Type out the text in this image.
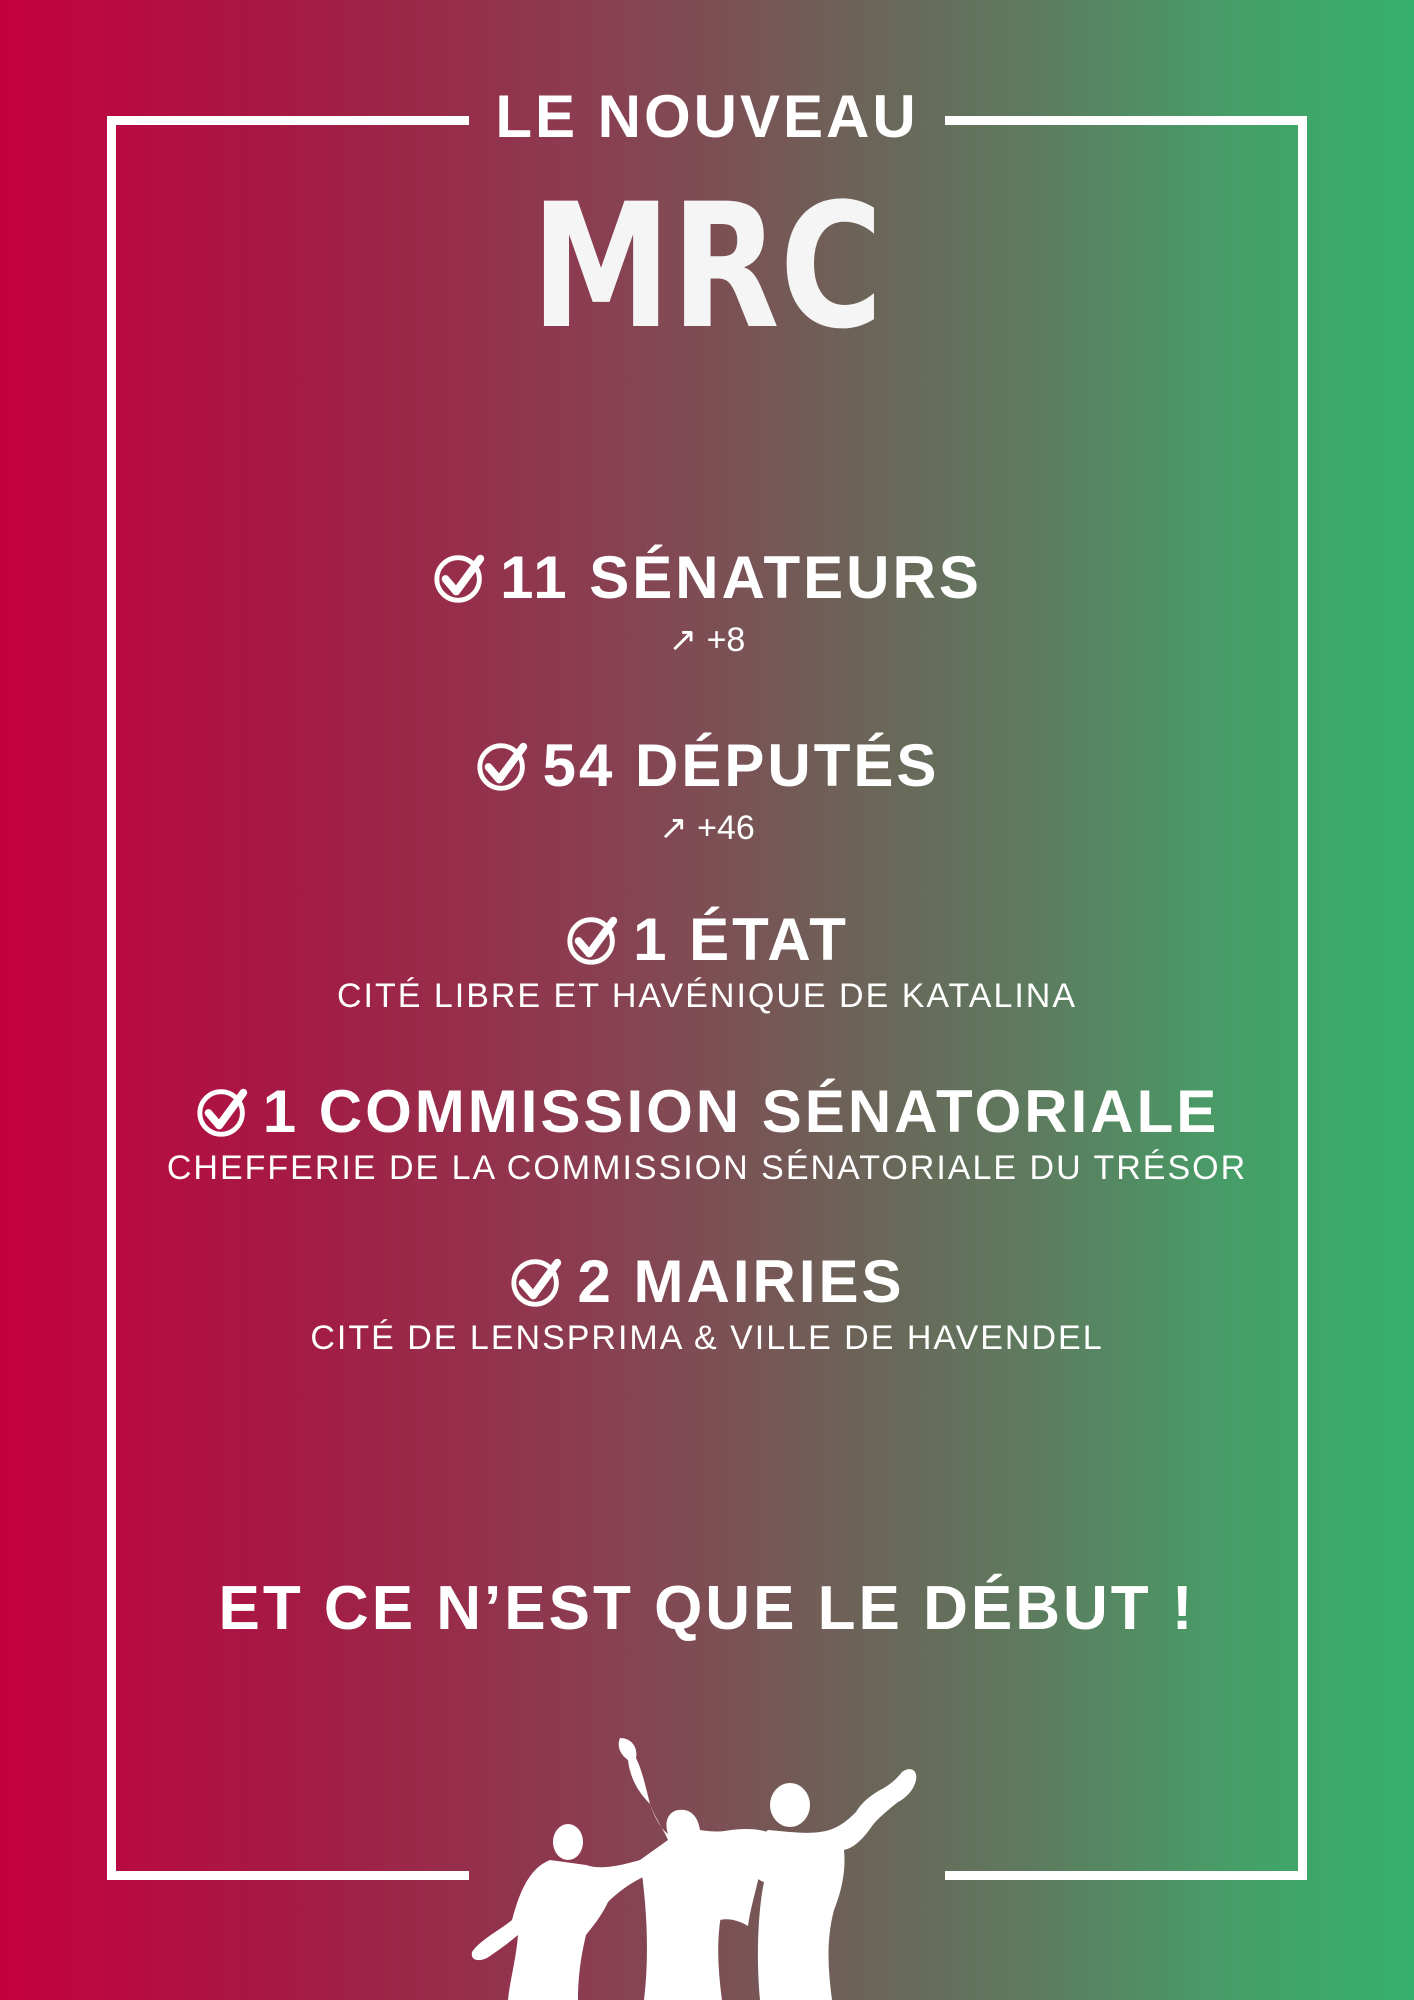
LE NOUVEAU
MRC
11 SÉNATEURS
↗ +8
54 DÉPUTÉS
↗ +46
1 ÉTAT
CITÉ LIBRE ET HAVÉNIQUE DE KATALINA
1 COMMISSION SÉNATORIALE
CHEFFERIE DE LA COMMISSION SÉNATORIALE DU TRÉSOR
2 MAIRIES
CITÉ DE LENSPRIMA & VILLE DE HAVENDEL
ET CE N’EST QUE LE DÉBUT !
